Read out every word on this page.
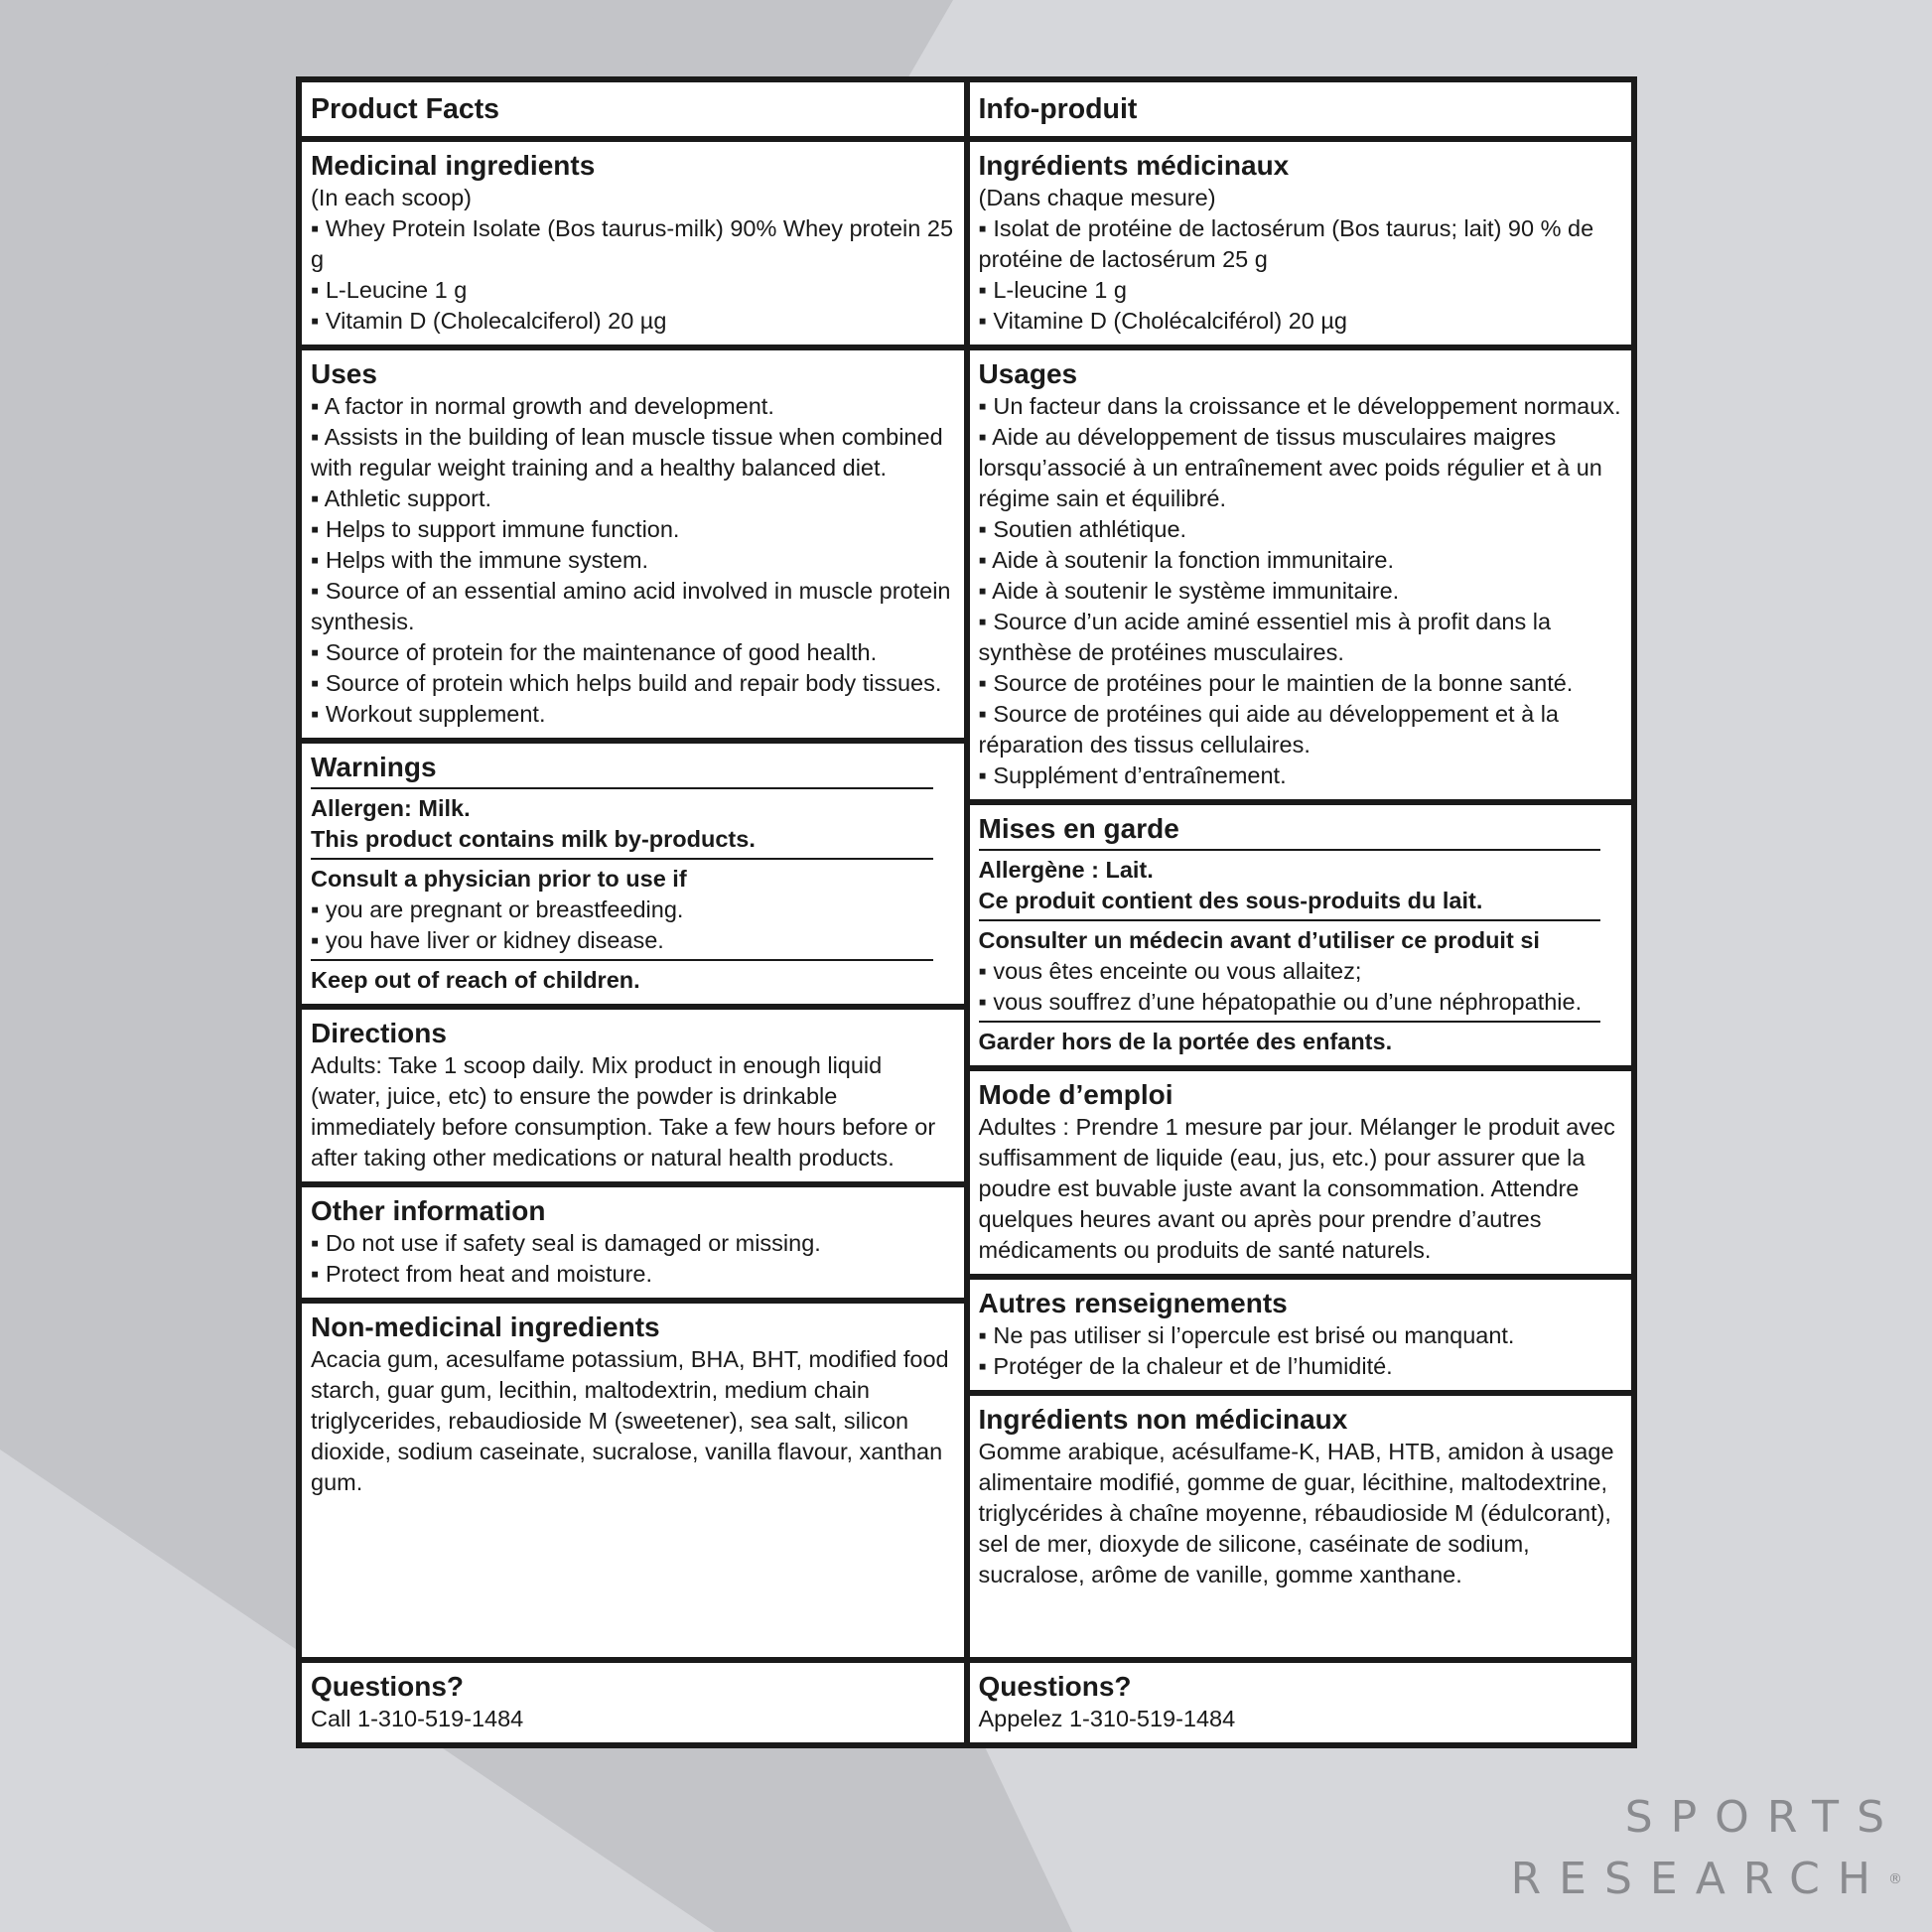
Product Facts
Medicinal ingredients
(In each scoop)
▪ Whey Protein Isolate (Bos taurus-milk) 90% Whey protein 25 g
▪ L-Leucine 1 g
▪ Vitamin D (Cholecalciferol) 20 µg
Uses
▪ A factor in normal growth and development.
▪ Assists in the building of lean muscle tissue when combined with regular weight training and a healthy balanced diet.
▪ Athletic support.
▪ Helps to support immune function.
▪ Helps with the immune system.
▪ Source of an essential amino acid involved in muscle protein synthesis.
▪ Source of protein for the maintenance of good health.
▪ Source of protein which helps build and repair body tissues.
▪ Workout supplement.
Warnings
Allergen: Milk.
This product contains milk by-products.
Consult a physician prior to use if
▪ you are pregnant or breastfeeding.
▪ you have liver or kidney disease.
Keep out of reach of children.
Directions
Adults: Take 1 scoop daily. Mix product in enough liquid (water, juice, etc) to ensure the powder is drinkable immediately before consumption. Take a few hours before or after taking other medications or natural health products.
Other information
▪ Do not use if safety seal is damaged or missing.
▪ Protect from heat and moisture.
Non-medicinal ingredients
Acacia gum, acesulfame potassium, BHA, BHT, modified food starch, guar gum, lecithin, maltodextrin, medium chain triglycerides, rebaudioside M (sweetener), sea salt, silicon dioxide, sodium caseinate, sucralose, vanilla flavour, xanthan gum.
Questions?
Call 1-310-519-1484
Info-produit
Ingrédients médicinaux
(Dans chaque mesure)
▪ Isolat de protéine de lactosérum (Bos taurus; lait) 90 % de protéine de lactosérum 25 g
▪ L-leucine 1 g
▪ Vitamine D (Cholécalciférol) 20 µg
Usages
▪ Un facteur dans la croissance et le développement normaux.
▪ Aide au développement de tissus musculaires maigres lorsqu’associé à un entraînement avec poids régulier et à un régime sain et équilibré.
▪ Soutien athlétique.
▪ Aide à soutenir la fonction immunitaire.
▪ Aide à soutenir le système immunitaire.
▪ Source d’un acide aminé essentiel mis à profit dans la synthèse de protéines musculaires.
▪ Source de protéines pour le maintien de la bonne santé.
▪ Source de protéines qui aide au développement et à la réparation des tissus cellulaires.
▪ Supplément d’entraînement.
Mises en garde
Allergène : Lait.
Ce produit contient des sous-produits du lait.
Consulter un médecin avant d’utiliser ce produit si
▪ vous êtes enceinte ou vous allaitez;
▪ vous souffrez d’une hépatopathie ou d’une néphropathie.
Garder hors de la portée des enfants.
Mode d’emploi
Adultes : Prendre 1 mesure par jour. Mélanger le produit avec suffisamment de liquide (eau, jus, etc.) pour assurer que la poudre est buvable juste avant la consommation. Attendre quelques heures avant ou après pour prendre d’autres médicaments ou produits de santé naturels.
Autres renseignements
▪ Ne pas utiliser si l’opercule est brisé ou manquant.
▪ Protéger de la chaleur et de l’humidité.
Ingrédients non médicinaux
Gomme arabique, acésulfame-K, HAB, HTB, amidon à usage alimentaire modifié, gomme de guar, lécithine, maltodextrine, triglycérides à chaîne moyenne, rébaudioside M (édulcorant), sel de mer, dioxyde de silicone, caséinate de sodium, sucralose, arôme de vanille, gomme xanthane.
Questions?
Appelez 1-310-519-1484
SPORTS
RESEARCH®
